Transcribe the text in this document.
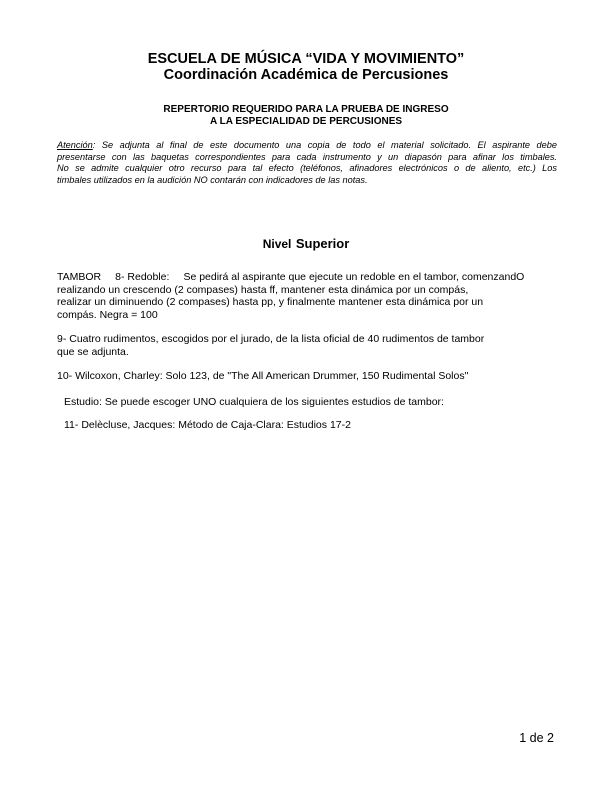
ESCUELA DE MÚSICA “VIDA Y MOVIMIENTO”
Coordinación Académica de Percusiones
REPERTORIO REQUERIDO PARA LA PRUEBA DE INGRESO
A LA ESPECIALIDAD DE PERCUSIONES

Atención: Se adjunta al final de este documento una copia de todo el material solicitado. El aspirante debe
presentarse con las baquetas correspondientes para cada instrumento y un diapasón para afinar los timbales.
No se admite cualquier otro recurso para tal efecto (teléfonos, afinadores electrónicos o de aliento, etc.) Los
timbales utilizados en la audición NO contarán con indicadores de las notas.

Nivel Superior
TAMBOR 8- Redoble: Se pedirá al aspirante que ejecute un redoble en el tambor, comenzandO
realizando un crescendo (2 compases) hasta ff, mantener esta dinámica por un compás,
realizar un diminuendo (2 compases) hasta pp, y finalmente mantener esta dinámica por un
compás. Negra = 100
9- Cuatro rudimentos, escogidos por el jurado, de la lista oficial de 40 rudimentos de tambor
que se adjunta.
10- Wilcoxon, Charley: Solo 123, de "The All American Drummer, 150 Rudimental Solos"
Estudio: Se puede escoger UNO cualquiera de los siguientes estudios de tambor:
11- Delècluse, Jacques: Método de Caja-Clara: Estudios 17-2
1 de 2
